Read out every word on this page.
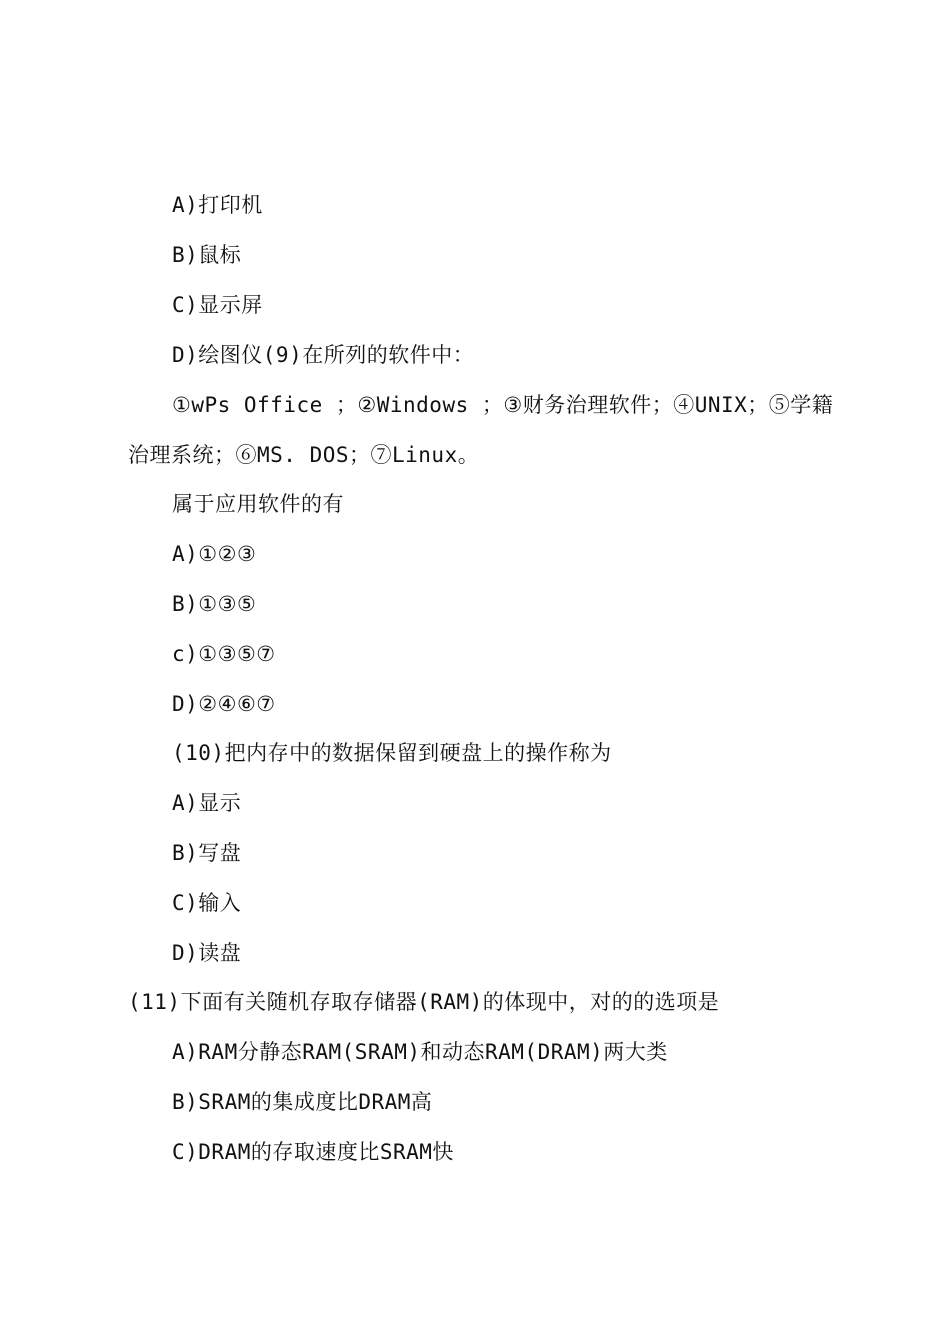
A)打印机
B)鼠标
C)显示屏
D)绘图仪(9)在所列的软件中：
①wPs Office ；②Windows ；③财务治理软件；④UNIX；⑤学籍
治理系统；⑥MS. DOS；⑦Linux。
属于应用软件的有
A)①②③
B)①③⑤
c)①③⑤⑦
D)②④⑥⑦
(10)把内存中的数据保留到硬盘上的操作称为
A)显示
B)写盘
C)输入
D)读盘
(11)下面有关随机存取存储器(RAM)的体现中，对的的选项是
A)RAM分静态RAM(SRAM)和动态RAM(DRAM)两大类
B)SRAM的集成度比DRAM高
C)DRAM的存取速度比SRAM快
